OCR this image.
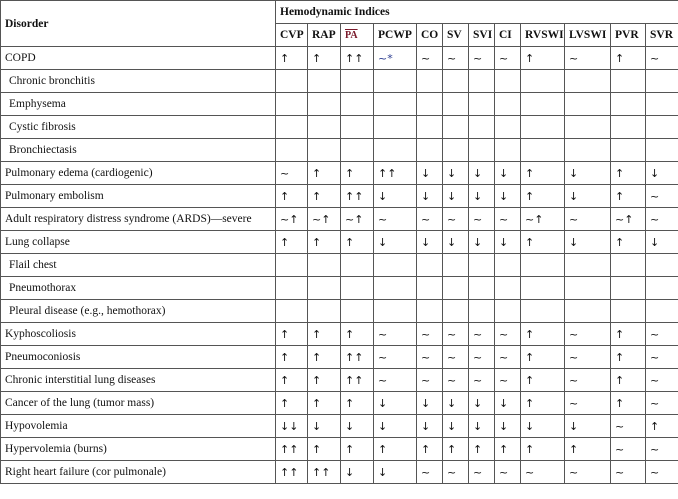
Disorder	Hemodynamic Indices											
	CVP	RAP	$\overline{PA}$	PCWP	CO	SV	SVI	CI	RVSWI	LVSWI	PVR	SVR
COPD	↑	↑	↑↑	~*	~	~	~	~	↑	~	↑	~
Chronic bronchitis												
Emphysema												
Cystic fibrosis												
Bronchiectasis												
Pulmonary edema (cardiogenic)	~	↑	↑	↑↑	↓	↓	↓	↓	↑	↓	↑	↓
Pulmonary embolism	↑	↑	↑↑	↓	↓	↓	↓	↓	↑	↓	↑	~
Adult respiratory distress syndrome (ARDS)—severe	~↑	~↑	~↑	~	~	~	~	~	~↑	~	~↑	~
Lung collapse	↑	↑	↑	↓	↓	↓	↓	↓	↑	↓	↑	↓
Flail chest												
Pneumothorax												
Pleural disease (e.g., hemothorax)												
Kyphoscoliosis	↑	↑	↑	~	~	~	~	~	↑	~	↑	~
Pneumoconiosis	↑	↑	↑↑	~	~	~	~	~	↑	~	↑	~
Chronic interstitial lung diseases	↑	↑	↑↑	~	~	~	~	~	↑	~	↑	~
Cancer of the lung (tumor mass)	↑	↑	↑	↓	↓	↓	↓	↓	↑	~	↑	~
Hypovolemia	↓↓	↓	↓	↓	↓	↓	↓	↓	↓	↓	~	↑
Hypervolemia (burns)	↑↑	↑	↑	↑	↑	↑	↑	↑	↑	↑	~	~
Right heart failure (cor pulmonale)	↑↑	↑↑	↓	↓	~	~	~	~	~	~	~	~
